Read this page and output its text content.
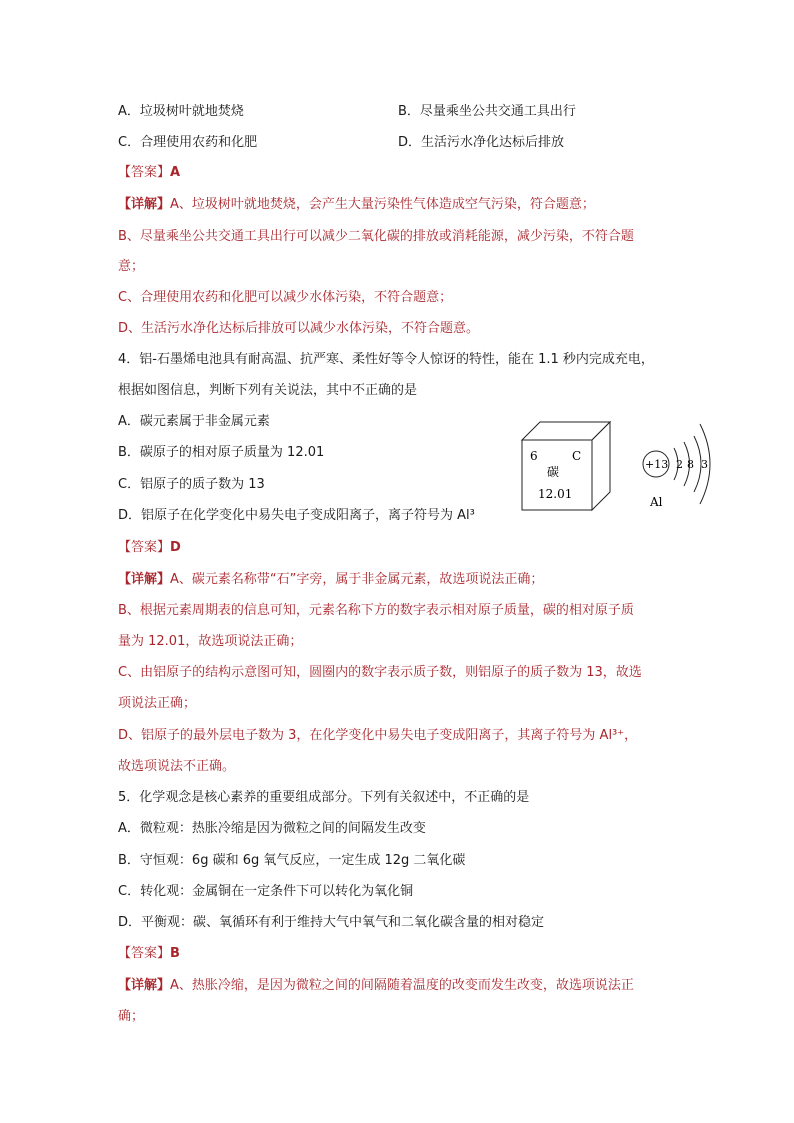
A．垃圾树叶就地焚烧	B．尽量乘坐公共交通工具出行
C．合理使用农药和化肥	D．生活污水净化达标后排放
【答案】A
【详解】A、垃圾树叶就地焚烧，会产生大量污染性气体造成空气污染，符合题意；
B、尽量乘坐公共交通工具出行可以减少二氧化碳的排放或消耗能源，减少污染，不符合题
意；
C、合理使用农药和化肥可以减少水体污染，不符合题意；
D、生活污水净化达标后排放可以减少水体污染，不符合题意。
4．铝-石墨烯电池具有耐高温、抗严寒、柔性好等令人惊讶的特性，能在 1.1 秒内完成充电，
根据如图信息，判断下列有关说法，其中不正确的是
A．碳元素属于非金属元素
B．碳原子的相对原子质量为 12.01
C．铝原子的质子数为 13
D．铝原子在化学变化中易失电子变成阳离子，离子符号为 Al³
6	C
碳
12.01
+13 2 8 3
Al
【答案】D
【详解】A、碳元素名称带“石”字旁，属于非金属元素，故选项说法正确；
B、根据元素周期表的信息可知，元素名称下方的数字表示相对原子质量，碳的相对原子质
量为 12.01，故选项说法正确；
C、由铝原子的结构示意图可知，圆圈内的数字表示质子数，则铝原子的质子数为 13，故选
项说法正确；
D、铝原子的最外层电子数为 3，在化学变化中易失电子变成阳离子，其离子符号为 Al³⁺，
故选项说法不正确。
5．化学观念是核心素养的重要组成部分。下列有关叙述中，不正确的是
A．微粒观：热胀冷缩是因为微粒之间的间隔发生改变
B．守恒观：6g 碳和 6g 氧气反应，一定生成 12g 二氧化碳
C．转化观：金属铜在一定条件下可以转化为氧化铜
D．平衡观：碳、氧循环有利于维持大气中氧气和二氧化碳含量的相对稳定
【答案】B
【详解】A、热胀冷缩，是因为微粒之间的间隔随着温度的改变而发生改变，故选项说法正
确；
